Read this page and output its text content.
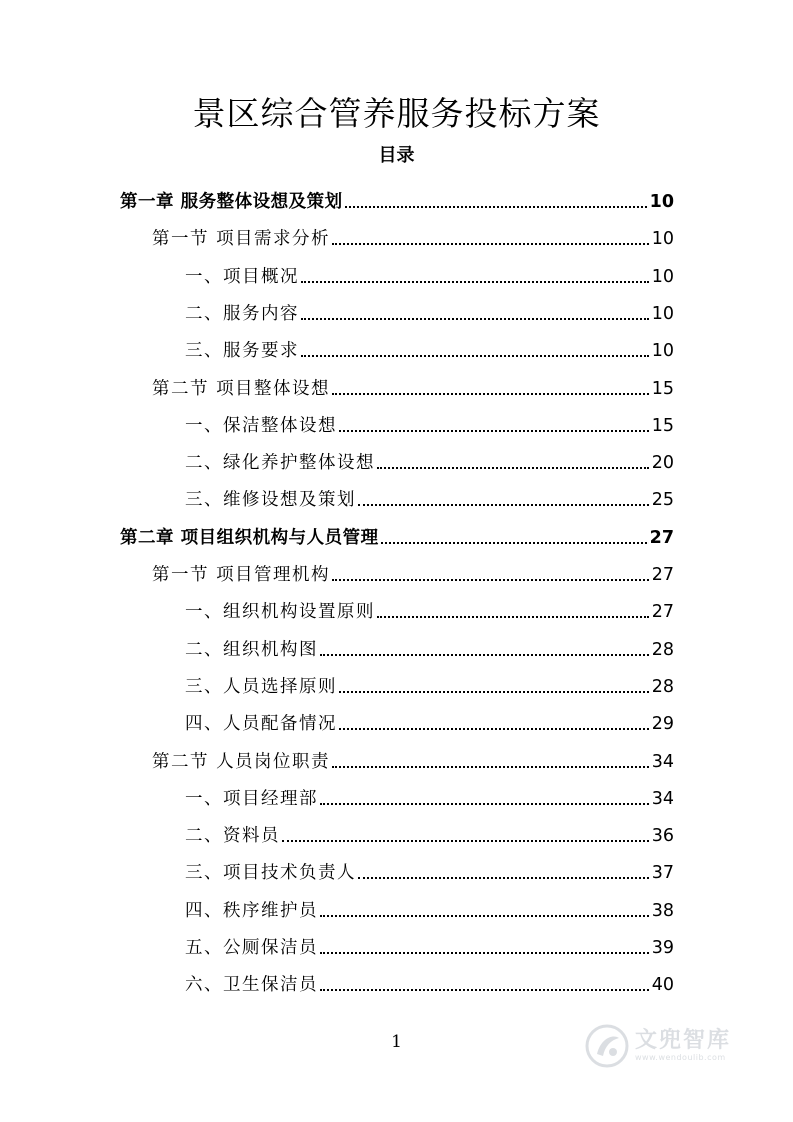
景区综合管养服务投标方案
目录
第一章 服务整体设想及策划	10
第一节 项目需求分析	10
一、项目概况	10
二、服务内容	10
三、服务要求	10
第二节 项目整体设想	15
一、保洁整体设想	15
二、绿化养护整体设想	20
三、维修设想及策划	25
第二章 项目组织机构与人员管理	27
第一节 项目管理机构	27
一、组织机构设置原则	27
二、组织机构图	28
三、人员选择原则	28
四、人员配备情况	29
第二节 人员岗位职责	34
一、项目经理部	34
二、资料员	36
三、项目技术负责人	37
四、秩序维护员	38
五、公厕保洁员	39
六、卫生保洁员	40
1	文兜智库
www.wendoulib.com
